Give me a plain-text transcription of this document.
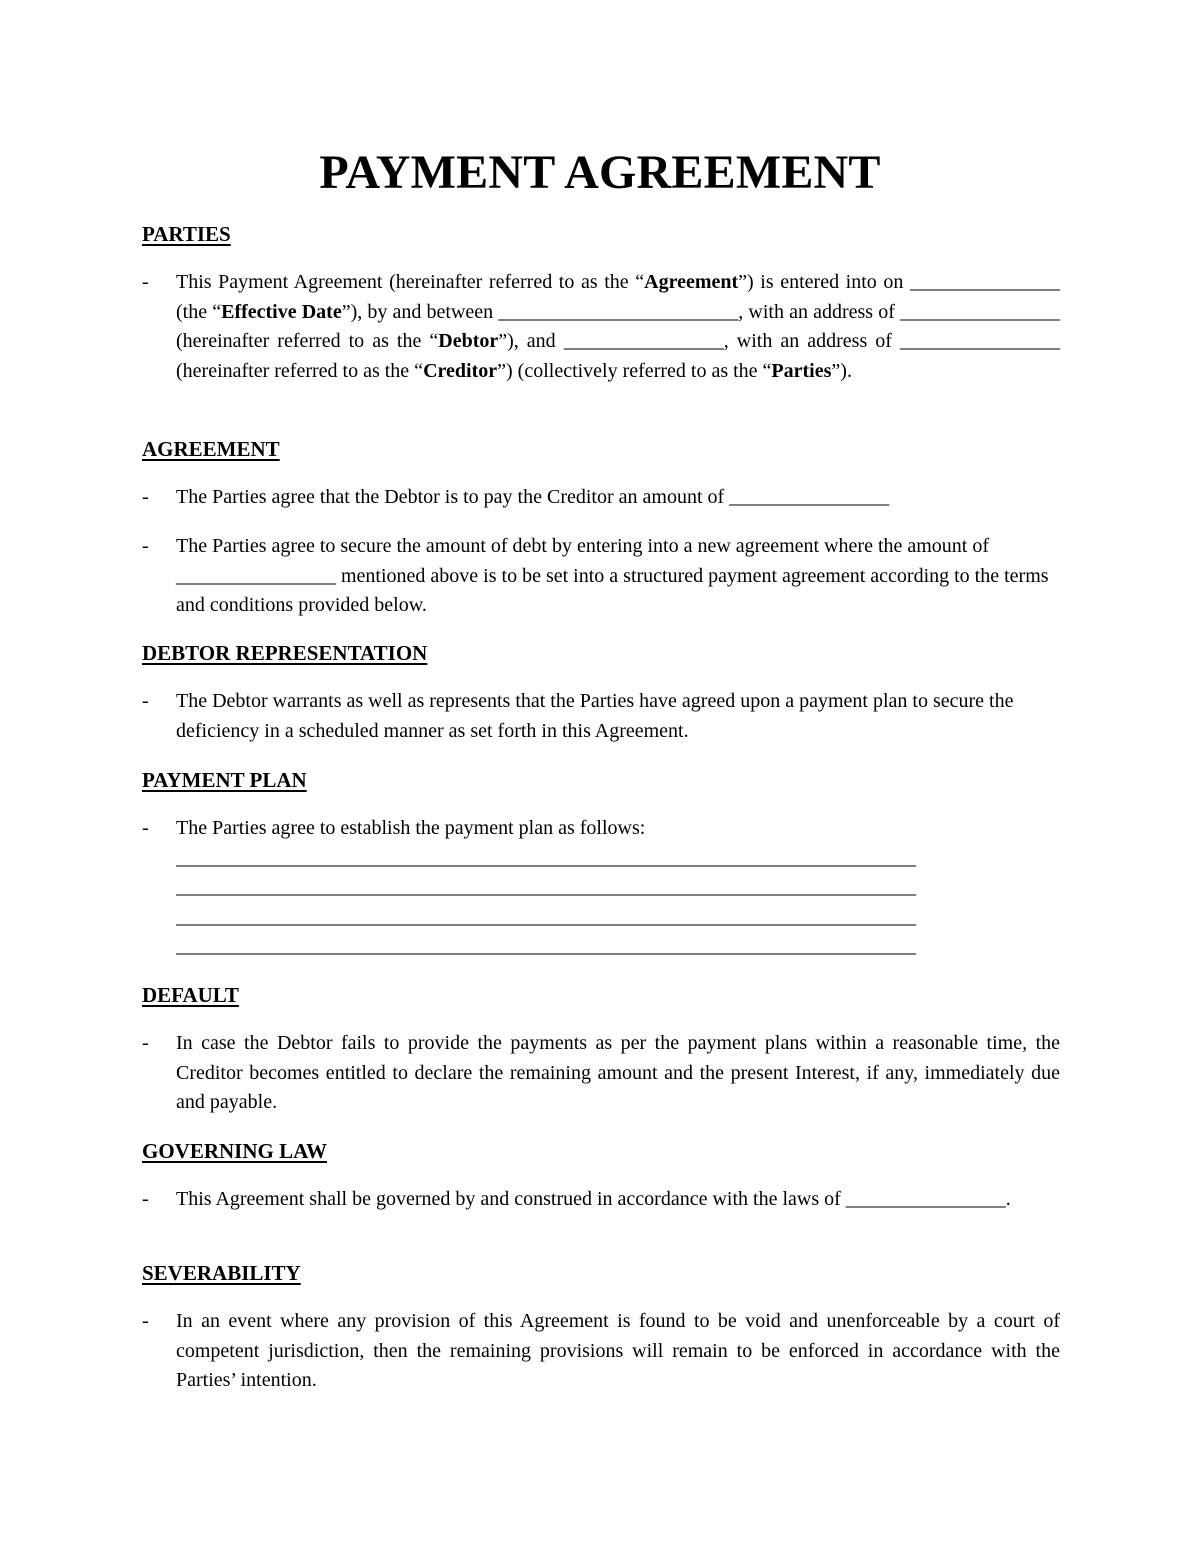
PAYMENT AGREEMENT
PARTIES
- This Payment Agreement (hereinafter referred to as the “Agreement”) is entered into on _______________ (the “Effective Date”), by and between ________________________, with an address of ________________ (hereinafter referred to as the “Debtor”), and ________________, with an address of ________________ (hereinafter referred to as the “Creditor”) (collectively referred to as the “Parties”).
AGREEMENT
- The Parties agree that the Debtor is to pay the Creditor an amount of ________________
- The Parties agree to secure the amount of debt by entering into a new agreement where the amount of ________________ mentioned above is to be set into a structured payment agreement according to the terms and conditions provided below.
DEBTOR REPRESENTATION
- The Debtor warrants as well as represents that the Parties have agreed upon a payment plan to secure the deficiency in a scheduled manner as set forth in this Agreement.
PAYMENT PLAN
- The Parties agree to establish the payment plan as follows:
__________________________________________________________________________
__________________________________________________________________________
__________________________________________________________________________
__________________________________________________________________________
DEFAULT
- In case the Debtor fails to provide the payments as per the payment plans within a reasonable time, the Creditor becomes entitled to declare the remaining amount and the present Interest, if any, immediately due and payable.
GOVERNING LAW
- This Agreement shall be governed by and construed in accordance with the laws of ________________.
SEVERABILITY
- In an event where any provision of this Agreement is found to be void and unenforceable by a court of competent jurisdiction, then the remaining provisions will remain to be enforced in accordance with the Parties’ intention.
